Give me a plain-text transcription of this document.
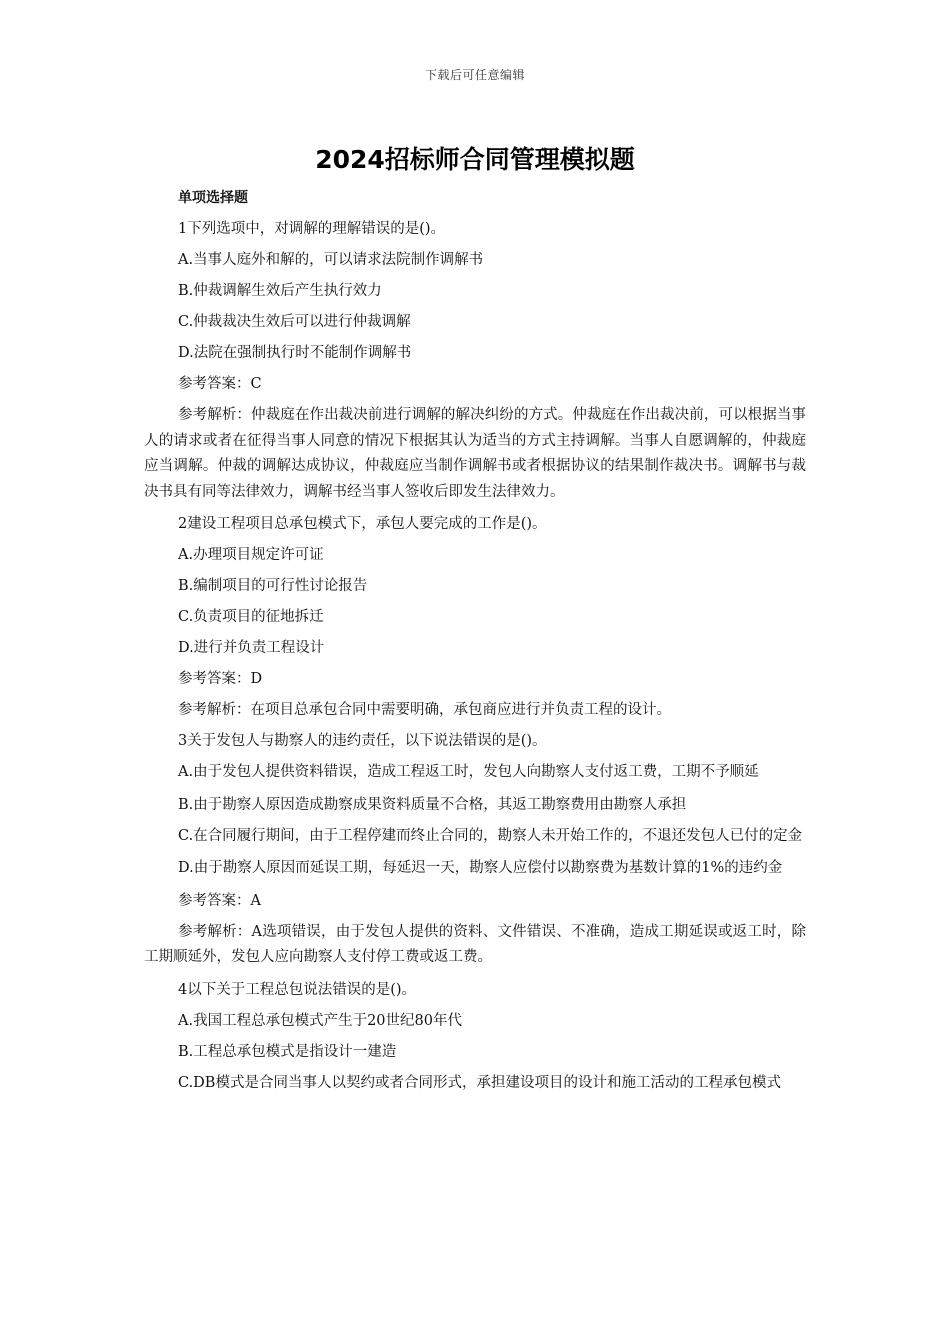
下载后可任意编辑
2024招标师合同管理模拟题
单项选择题

1下列选项中，对调解的理解错误的是()。

A.当事人庭外和解的，可以请求法院制作调解书

B.仲裁调解生效后产生执行效力

C.仲裁裁决生效后可以进行仲裁调解

D.法院在强制执行时不能制作调解书

参考答案：C

参考解析：仲裁庭在作出裁决前进行调解的解决纠纷的方式。仲裁庭在作出裁决前，可以根据当事人的请求或者在征得当事人同意的情况下根据其认为适当的方式主持调解。当事人自愿调解的，仲裁庭应当调解。仲裁的调解达成协议，仲裁庭应当制作调解书或者根据协议的结果制作裁决书。调解书与裁决书具有同等法律效力，调解书经当事人签收后即发生法律效力。

2建设工程项目总承包模式下，承包人要完成的工作是()。

A.办理项目规定许可证

B.编制项目的可行性讨论报告

C.负责项目的征地拆迁

D.进行并负责工程设计

参考答案：D

参考解析：在项目总承包合同中需要明确，承包商应进行并负责工程的设计。

3关于发包人与勘察人的违约责任，以下说法错误的是()。

A.由于发包人提供资料错误，造成工程返工时，发包人向勘察人支付返工费，工期不予顺延

B.由于勘察人原因造成勘察成果资料质量不合格，其返工勘察费用由勘察人承担

C.在合同履行期间，由于工程停建而终止合同的，勘察人未开始工作的，不退还发包人已付的定金

D.由于勘察人原因而延误工期，每延迟一天，勘察人应偿付以勘察费为基数计算的1%的违约金

参考答案：A

参考解析：A选项错误，由于发包人提供的资料、文件错误、不准确，造成工期延误或返工时，除工期顺延外，发包人应向勘察人支付停工费或返工费。

4以下关于工程总包说法错误的是()。

A.我国工程总承包模式产生于20世纪80年代

B.工程总承包模式是指设计一建造

C.DB模式是合同当事人以契约或者合同形式，承担建设项目的设计和施工活动的工程承包模式
